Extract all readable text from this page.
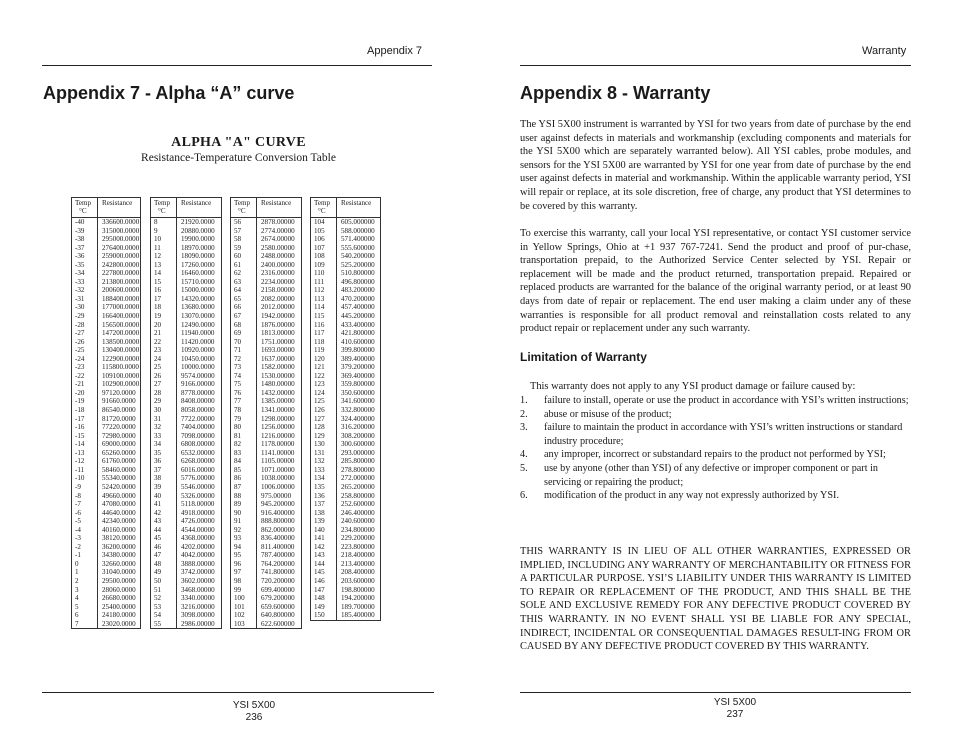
Appendix 7
Appendix 7 - Alpha “A” curve
ALPHA "A" CURVE
Resistance-Temperature Conversion Table
Temp
°C
Resistance
-40	336600.0000
-39	315000.0000
-38	295000.0000
-37	276400.0000
-36	259000.0000
-35	242800.0000
-34	227800.0000
-33	213800.0000
-32	200600.0000
-31	188400.0000
-30	177000.0000
-29	166400.0000
-28	156500.0000
-27	147200.0000
-26	138500.0000
-25	130400.0000
-24	122900.0000
-23	115800.0000
-22	109100.0000
-21	102900.0000
-20	97120.0000
-19	91660.0000
-18	86540.0000
-17	81720.0000
-16	77220.0000
-15	72980.0000
-14	69000.0000
-13	65260.0000
-12	61760.0000
-11	58460.0000
-10	55340.0000
-9	52420.0000
-8	49660.0000
-7	47080.0000
-6	44640.0000
-5	42340.0000
-4	40160.0000
-3	38120.0000
-2	36200.0000
-1	34380.0000
0	32660.0000
1	31040.0000
2	29500.0000
3	28060.0000
4	26680.0000
5	25400.0000
6	24180.0000
7	23020.0000
Temp
°C
Resistance
8	21920.0000
9	20880.0000
10	19900.0000
11	18970.0000
12	18090.0000
13	17260.0000
14	16460.0000
15	15710.0000
16	15000.0000
17	14320.0000
18	13680.0000
19	13070.0000
20	12490.0000
21	11940.0000
22	11420.0000
23	10920.0000
24	10450.0000
25	10000.0000
26	9574.00000
27	9166.00000
28	8778.00000
29	8408.00000
30	8058.00000
31	7722.00000
32	7404.00000
33	7098.00000
34	6808.00000
35	6532.00000
36	6268.00000
37	6016.00000
38	5776.00000
39	5546.00000
40	5326.00000
41	5118.00000
42	4918.00000
43	4726.00000
44	4544.00000
45	4368.00000
46	4202.00000
47	4042.00000
48	3888.00000
49	3742.00000
50	3602.00000
51	3468.00000
52	3340.00000
53	3216.00000
54	3098.00000
55	2986.00000
Temp
°C
Resistance
56	2878.00000
57	2774.00000
58	2674.00000
59	2580.00000
60	2488.00000
61	2400.00000
62	2316.00000
63	2234.00000
64	2158.00000
65	2082.00000
66	2012.00000
67	1942.00000
68	1876.00000
69	1813.00000
70	1751.00000
71	1693.00000
72	1637.00000
73	1582.00000
74	1530.00000
75	1480.00000
76	1432.00000
77	1385.00000
78	1341.00000
79	1298.00000
80	1256.00000
81	1216.00000
82	1178.00000
83	1141.00000
84	1105.00000
85	1071.00000
86	1038.00000
87	1006.00000
88	975.00000
89	945.200000
90	916.400000
91	888.800000
92	862.000000
93	836.400000
94	811.400000
95	787.400000
96	764.200000
97	741.800000
98	720.200000
99	699.400000
100	679.200000
101	659.600000
102	640.800000
103	622.600000
Temp
°C
Resistance
104	605.000000
105	588.000000
106	571.400000
107	555.600000
108	540.200000
109	525.200000
110	510.800000
111	496.800000
112	483.200000
113	470.200000
114	457.400000
115	445.200000
116	433.400000
117	421.800000
118	410.600000
119	399.800000
120	389.400000
121	379.200000
122	369.400000
123	359.800000
124	350.600000
125	341.600000
126	332.800000
127	324.400000
128	316.200000
129	308.200000
130	300.600000
131	293.000000
132	285.800000
133	278.800000
134	272.000000
135	265.200000
136	258.800000
137	252.600000
138	246.400000
139	240.600000
140	234.800000
141	229.200000
142	223.800000
143	218.400000
144	213.400000
145	208.400000
146	203.600000
147	198.800000
148	194.200000
149	189.700000
150	185.400000
YSI 5X00
236
Warranty
Appendix 8 - Warranty

The YSI 5X00 instrument is warranted by YSI for two years from date of purchase by the end user against defects in materials and workmanship (excluding components and materials for the YSI 5X00 which are separately warranted below). All YSI cables, probe modules, and sensors for the YSI 5X00 are warranted by YSI for one year from date of purchase by the end user against defects in material and workmanship. Within the applicable warranty period, YSI will repair or replace, at its sole discretion, free of charge, any product that YSI determines to be covered by this warranty.

To exercise this warranty, call your local YSI representative, or contact YSI customer service in Yellow Springs, Ohio at +1 937 767-7241. Send the product and proof of pur-chase, transportation prepaid, to the Authorized Service Center selected by YSI. Repair or replacement will be made and the product returned, transportation prepaid. Repaired or replaced products are warranted for the balance of the original warranty period, or at least 90 days from date of repair or replacement. The end user making a claim under any of these warranties is responsible for all product removal and reinstallation costs related to any product repair or replacement under any such warranty.

Limitation of Warranty

This warranty does not apply to any YSI product damage or failure caused by:

1.	failure to install, operate or use the product in accordance with YSI’s written instructions;
2.	abuse or misuse of the product;
3.	failure to maintain the product in accordance with YSI’s written instructions or standard industry procedure;
4.	any improper, incorrect or substandard repairs to the product not performed by YSI;
5.	use by anyone (other than YSI) of any defective or improper component or part in servicing or repairing the product;
6.	modification of the product in any way not expressly authorized by YSI.

THIS WARRANTY IS IN LIEU OF ALL OTHER WARRANTIES, EXPRESSED OR IMPLIED, INCLUDING ANY WARRANTY OF MERCHANTABILITY OR FITNESS FOR A PARTICULAR PURPOSE. YSI’S LIABILITY UNDER THIS WARRANTY IS LIMITED TO REPAIR OR REPLACEMENT OF THE PRODUCT, AND THIS SHALL BE THE SOLE AND EXCLUSIVE REMEDY FOR ANY DEFECTIVE PRODUCT COVERED BY THIS WARRANTY. IN NO EVENT SHALL YSI BE LIABLE FOR ANY SPECIAL, INDIRECT, INCIDENTAL OR CONSEQUENTIAL DAMAGES RESULT-ING FROM OR CAUSED BY ANY DEFECTIVE PRODUCT COVERED BY THIS WARRANTY.

YSI 5X00
237
